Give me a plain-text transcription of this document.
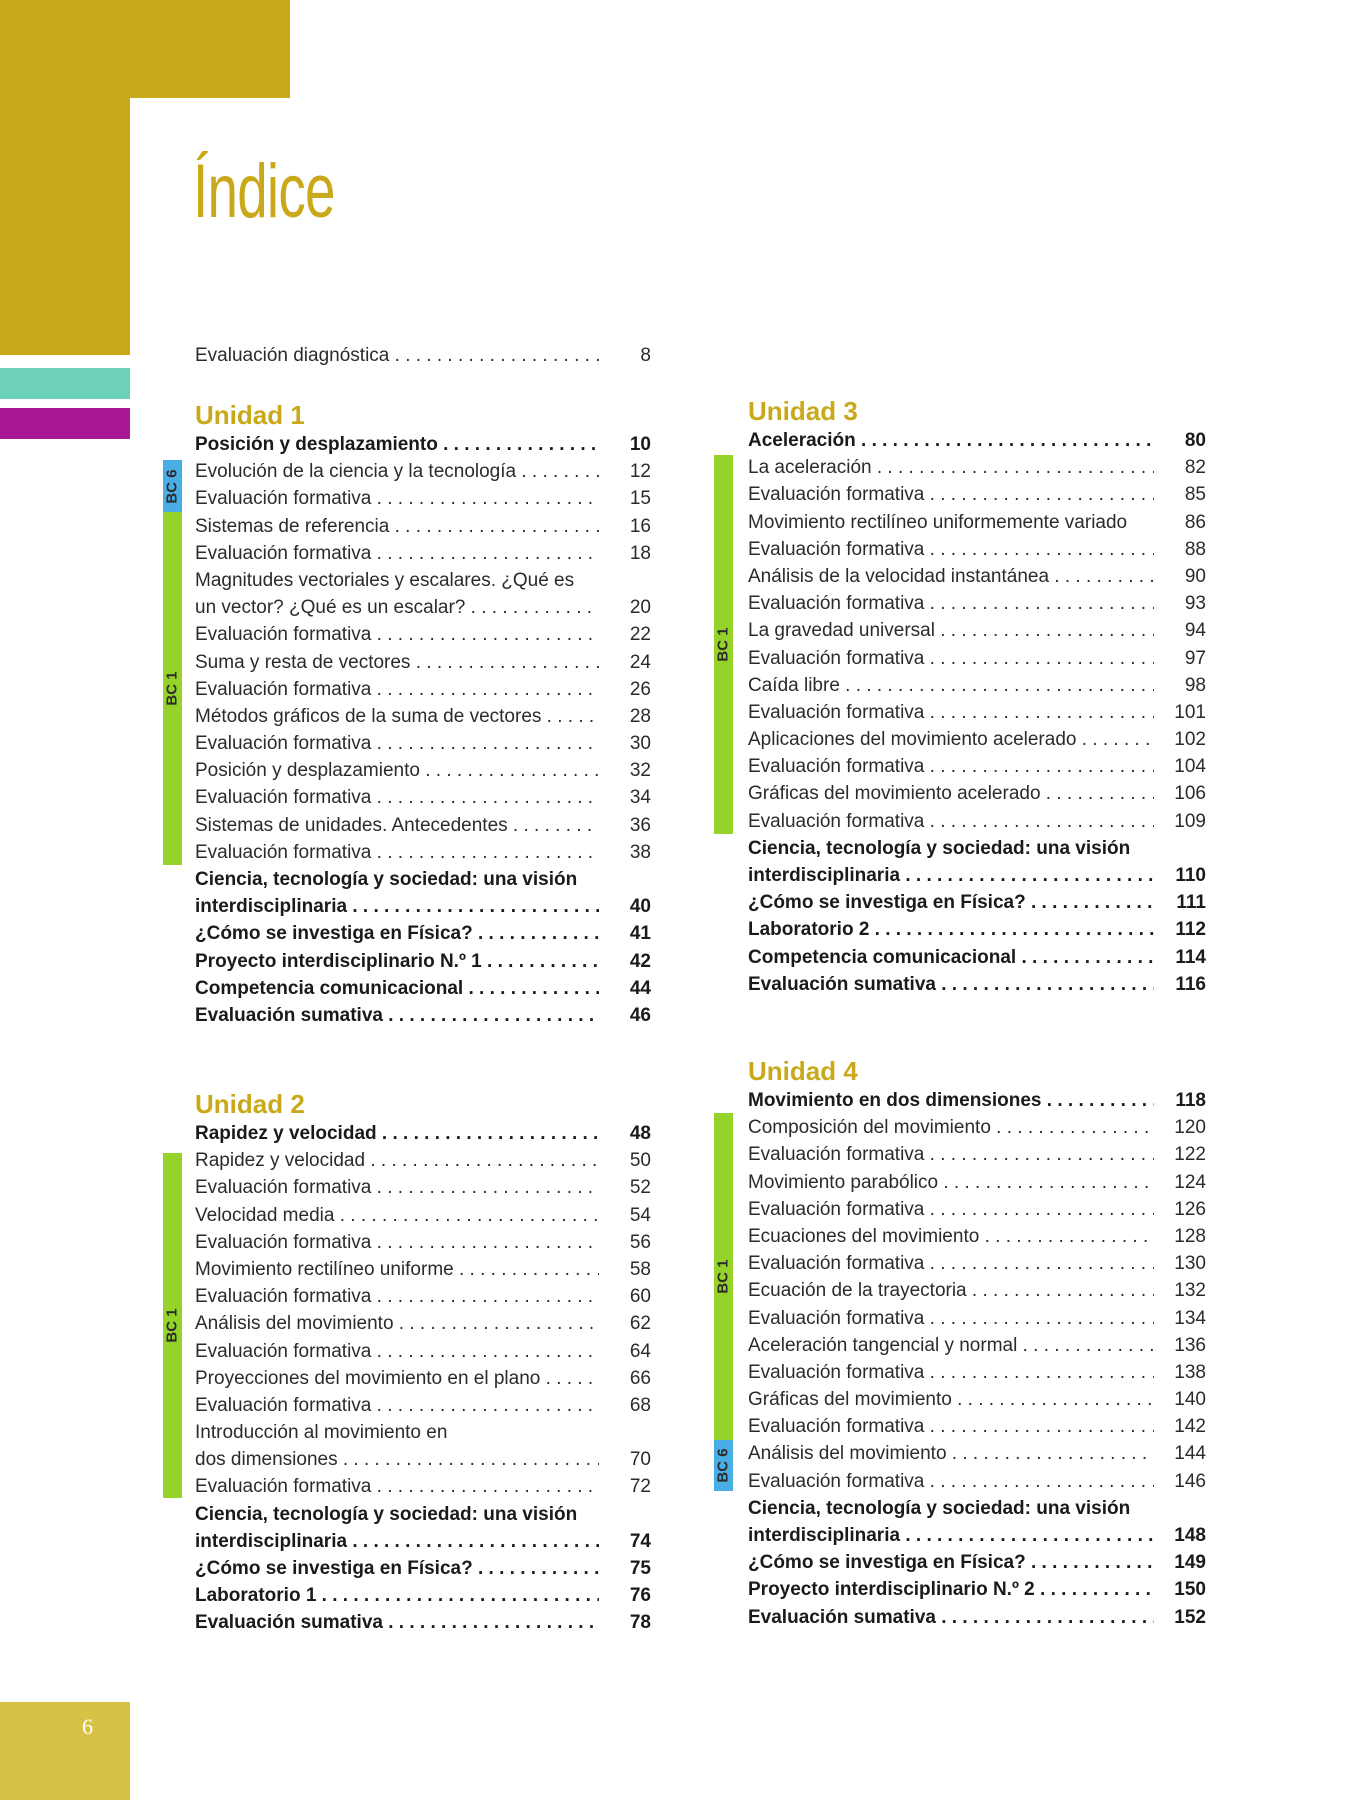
6
Índice
Evaluación diagnóstica . . .	8
BC 6
BC 1
Unidad 1
Posición y desplazamiento . . .	10
Evolución de la ciencia y la tecnología . . .	12
Evaluación formativa . . .	15
Sistemas de referencia . . .	16
Evaluación formativa . . .	18
Magnitudes vectoriales y escalares. ¿Qué es
un vector? ¿Qué es un escalar? . . .	20
Evaluación formativa . . .	22
Suma y resta de vectores . . .	24
Evaluación formativa . . .	26
Métodos gráficos de la suma de vectores . . .	28
Evaluación formativa . . .	30
Posición y desplazamiento . . .	32
Evaluación formativa . . .	34
Sistemas de unidades. Antecedentes . . .	36
Evaluación formativa . . .	38
Ciencia, tecnología y sociedad: una visión
interdisciplinaria . . .	40
¿Cómo se investiga en Física? . . .	41
Proyecto interdisciplinario N.º 1 . . .	42
Competencia comunicacional . . .	44
Evaluación sumativa . . .	46
BC 1
Unidad 2
Rapidez y velocidad . . .	48
Rapidez y velocidad . . .	50
Evaluación formativa . . .	52
Velocidad media . . .	54
Evaluación formativa . . .	56
Movimiento rectilíneo uniforme . . .	58
Evaluación formativa . . .	60
Análisis del movimiento . . .	62
Evaluación formativa . . .	64
Proyecciones del movimiento en el plano . . .	66
Evaluación formativa . . .	68
Introducción al movimiento en
dos dimensiones . . .	70
Evaluación formativa . . .	72
Ciencia, tecnología y sociedad: una visión
interdisciplinaria . . .	74
¿Cómo se investiga en Física? . . .	75
Laboratorio 1 . . .	76
Evaluación sumativa . . .	78
BC 1
Unidad 3
Aceleración . . .	80
La aceleración . . .	82
Evaluación formativa . . .	85
Movimiento rectilíneo uniformemente variado	86
Evaluación formativa . . .	88
Análisis de la velocidad instantánea . . .	90
Evaluación formativa . . .	93
La gravedad universal . . .	94
Evaluación formativa . . .	97
Caída libre . . .	98
Evaluación formativa . . .	101
Aplicaciones del movimiento acelerado . . .	102
Evaluación formativa . . .	104
Gráficas del movimiento acelerado . . .	106
Evaluación formativa . . .	109
Ciencia, tecnología y sociedad: una visión
interdisciplinaria . . .	110
¿Cómo se investiga en Física? . . .	111
Laboratorio 2 . . .	112
Competencia comunicacional . . .	114
Evaluación sumativa . . .	116
BC 1
BC 6
Unidad 4
Movimiento en dos dimensiones . . .	118
Composición del movimiento . . .	120
Evaluación formativa . . .	122
Movimiento parabólico . . .	124
Evaluación formativa . . .	126
Ecuaciones del movimiento . . .	128
Evaluación formativa . . .	130
Ecuación de la trayectoria . . .	132
Evaluación formativa . . .	134
Aceleración tangencial y normal . . .	136
Evaluación formativa . . .	138
Gráficas del movimiento . . .	140
Evaluación formativa . . .	142
Análisis del movimiento . . .	144
Evaluación formativa . . .	146
Ciencia, tecnología y sociedad: una visión
interdisciplinaria . . .	148
¿Cómo se investiga en Física? . . .	149
Proyecto interdisciplinario N.º 2 . . .	150
Evaluación sumativa . . .	152
